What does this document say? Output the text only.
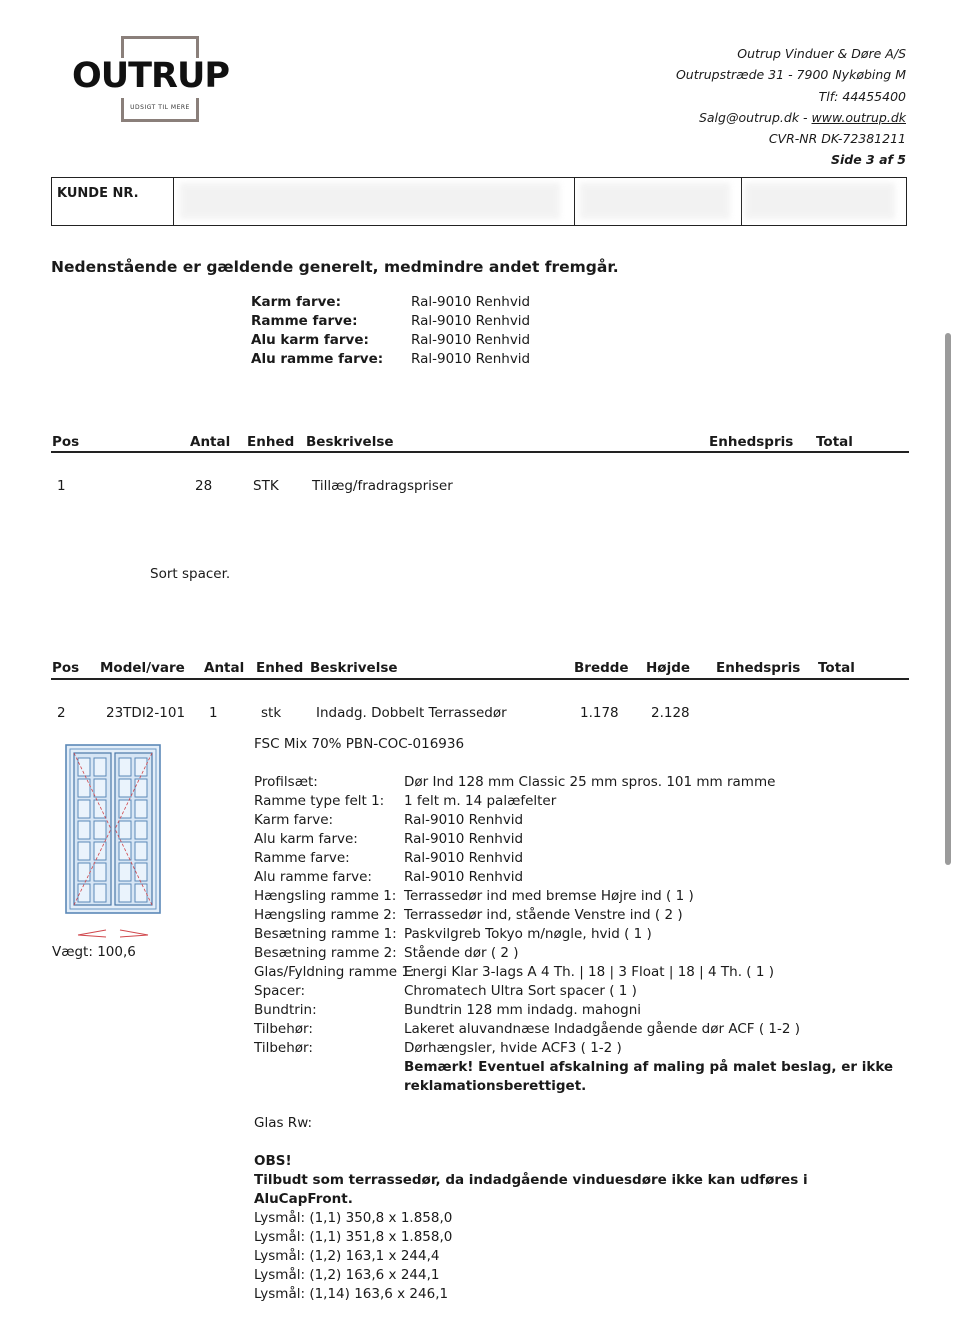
OUTRUP
UDSIGT TIL MERE
Outrup Vinduer & Døre A/S
Outrupstræde 31 - 7900 Nykøbing M
Tlf: 44455400
Salg@outrup.dk - www.outrup.dk
CVR-NR DK-72381211
Side 3 af 5
KUNDE NR.
Nedenstående er gældende generelt, medmindre andet fremgår.
Karm farve:	Ral-9010 Renhvid
Ramme farve:	Ral-9010 Renhvid
Alu karm farve:	Ral-9010 Renhvid
Alu ramme farve: Ral-9010 Renhvid
Pos	Antal Enhed Beskrivelse	Enhedspris Total
1	28	STK Tillæg/fradragspriser
Sort spacer.
Pos Model/vare Antal Enhed Beskrivelse	Bredde Højde Enhedspris Total
2	23TDI2-101 1	stk	Indadg. Dobbelt Terrassedør	1.178 2.128
FSC Mix 70% PBN-COC-016936
Vægt: 100,6
Profilsæt:	Dør Ind 128 mm Classic 25 mm spros. 101 mm ramme
Ramme type felt 1: 1 felt m. 14 palæfelter
Karm farve:	Ral-9010 Renhvid
Alu karm farve:	Ral-9010 Renhvid
Ramme farve:	Ral-9010 Renhvid
Alu ramme farve: Ral-9010 Renhvid
Hængsling ramme 1: Terrassedør ind med bremse Højre ind ( 1 )
Hængsling ramme 2: Terrassedør ind, stående Venstre ind ( 2 )
Besætning ramme 1: Paskvilgreb Tokyo m/nøgle, hvid ( 1 )
Besætning ramme 2: Stående dør ( 2 )
Glas/Fyldning ramme 1:
Energi Klar 3-lags A 4 Th. | 18 | 3 Float | 18 | 4 Th. ( 1 )
Spacer:	Chromatech Ultra Sort spacer ( 1 )
Bundtrin:	Bundtrin 128 mm indadg. mahogni
Tilbehør:	Lakeret aluvandnæse Indadgående gående dør ACF ( 1-2 )
Tilbehør:	Dørhængsler, hvide ACF3 ( 1-2 )
Bemærk! Eventuel afskalning af maling på malet beslag, er ikke
reklamationsberettiget.
Glas Rw:
OBS!
Tilbudt som terrassedør, da indadgående vinduesdøre ikke kan udføres i
AluCapFront.
Lysmål: (1,1) 350,8 x 1.858,0
Lysmål: (1,1) 351,8 x 1.858,0
Lysmål: (1,2) 163,1 x 244,4
Lysmål: (1,2) 163,6 x 244,1
Lysmål: (1,14) 163,6 x 246,1
